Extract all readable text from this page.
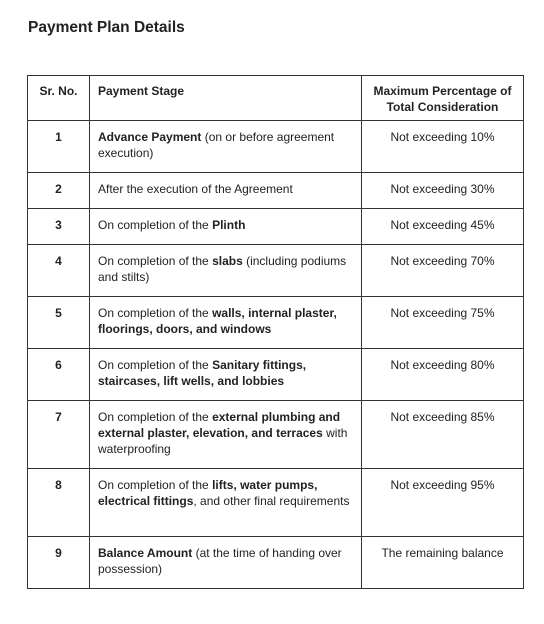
Payment Plan Details
Sr. No.	Payment Stage	Maximum Percentage of
Total Consideration
1	Advance Payment (on or before agreement execution)	Not exceeding 10%
2	After the execution of the Agreement	Not exceeding 30%
3	On completion of the Plinth	Not exceeding 45%
4	On completion of the slabs (including podiums and stilts)	Not exceeding 70%
5	On completion of the walls, internal plaster, floorings, doors, and windows	Not exceeding 75%
6	On completion of the Sanitary fittings, staircases, lift wells, and lobbies	Not exceeding 80%
7	On completion of the external plumbing and external plaster, elevation, and terraces with waterproofing	Not exceeding 85%
8	On completion of the lifts, water pumps, electrical fittings, and other final requirements	Not exceeding 95%
9	Balance Amount (at the time of handing over possession)	The remaining balance
